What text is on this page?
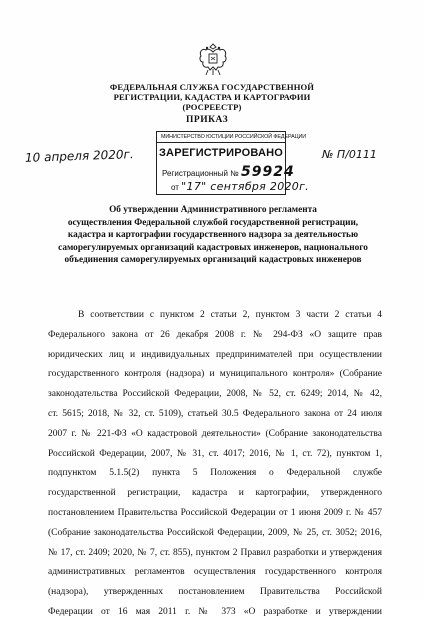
ФЕДЕРАЛЬНАЯ СЛУЖБА ГОСУДАРСТВЕННОЙ
РЕГИСТРАЦИИ, КАДАСТРА И КАРТОГРАФИИ
(РОСРЕЕСТР)
ПРИКАЗ
МИНИСТЕРСТВО ЮСТИЦИИ РОССИЙСКОЙ ФЕДЕРАЦИИ
ЗАРЕГИСТРИРОВАНО
Регистрационный № 59924
от "17" сентября 2020г.
10 апреля 2020г.	№ П/0111
Об утверждении Административного регламента
осуществления Федеральной службой государственной регистрации,
кадастра и картографии государственного надзора за деятельностью
саморегулируемых организаций кадастровых инженеров, национального
объединения саморегулируемых организаций кадастровых инженеров
В соответствии с пунктом 2 статьи 2, пунктом 3 части 2 статьи 4
Федерального закона от 26 декабря 2008 г. № 294-ФЗ «О защите прав
юридических лиц и индивидуальных предпринимателей при осуществлении
государственного контроля (надзора) и муниципального контроля» (Собрание
законодательства Российской Федерации, 2008, № 52, ст. 6249; 2014, № 42,
ст. 5615; 2018, № 32, ст. 5109), статьей 30.5 Федерального закона от 24 июля
2007 г. № 221-ФЗ «О кадастровой деятельности» (Собрание законодательства
Российской Федерации, 2007, № 31, ст. 4017; 2016, № 1, ст. 72), пунктом 1,
подпунктом 5.1.5(2) пункта 5 Положения о Федеральной службе
государственной регистрации, кадастра и картографии, утвержденного
постановлением Правительства Российской Федерации от 1 июня 2009 г. № 457
(Собрание законодательства Российской Федерации, 2009, № 25, ст. 3052; 2016,
№ 17, ст. 2409; 2020, № 7, ст. 855), пунктом 2 Правил разработки и утверждения
административных регламентов осуществления государственного контроля
(надзора), утвержденных постановлением Правительства Российской
Федерации от 16 мая 2011 г. № 373 «О разработке и утверждении
